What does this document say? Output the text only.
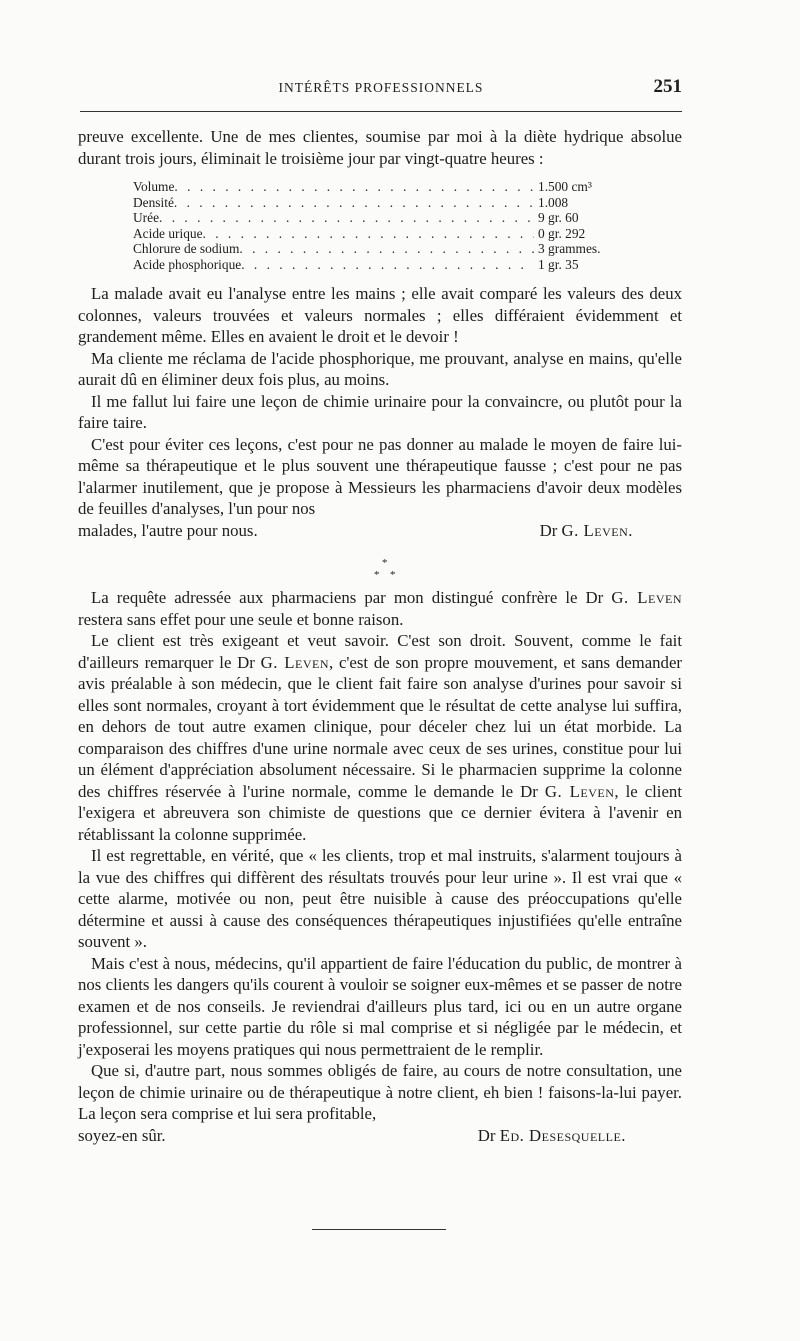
INTÉRÊTS PROFESSIONNELS	251

preuve excellente. Une de mes clientes, soumise par moi à la diète hydrique absolue durant trois jours, éliminait le troisième jour par vingt-quatre heures :

Volume . . .	1.500 cm³
Densité . . .	1.008
Urée . . .	9 gr. 60
Acide urique . . .	0 gr. 292
Chlorure de sodium . . .	3 grammes.
Acide phosphorique . . .	1 gr. 35

La malade avait eu l'analyse entre les mains ; elle avait comparé les valeurs des deux colonnes, valeurs trouvées et valeurs normales ; elles différaient évidemment et grandement même. Elles en avaient le droit et le devoir !

Ma cliente me réclama de l'acide phosphorique, me prouvant, analyse en mains, qu'elle aurait dû en éliminer deux fois plus, au moins.

Il me fallut lui faire une leçon de chimie urinaire pour la convaincre, ou plutôt pour la faire taire.

C'est pour éviter ces leçons, c'est pour ne pas donner au malade le moyen de faire lui-même sa thérapeutique et le plus souvent une thérapeutique fausse ; c'est pour ne pas l'alarmer inutilement, que je propose à Messieurs les pharmaciens d'avoir deux modèles de feuilles d'analyses, l'un pour nos

malades, l'autre pour nous.	Dr G. Leven.

*
* *

La requête adressée aux pharmaciens par mon distingué confrère le Dr G. Leven restera sans effet pour une seule et bonne raison.

Le client est très exigeant et veut savoir. C'est son droit. Souvent, comme le fait d'ailleurs remarquer le Dr G. Leven, c'est de son propre mouvement, et sans demander avis préalable à son médecin, que le client fait faire son analyse d'urines pour savoir si elles sont normales, croyant à tort évidemment que le résultat de cette analyse lui suffira, en dehors de tout autre examen clinique, pour déceler chez lui un état morbide. La comparaison des chiffres d'une urine normale avec ceux de ses urines, constitue pour lui un élément d'appréciation absolument nécessaire. Si le pharmacien supprime la colonne des chiffres réservée à l'urine normale, comme le demande le Dr G. Leven, le client l'exigera et abreuvera son chimiste de questions que ce dernier évitera à l'avenir en rétablissant la colonne supprimée.

Il est regrettable, en vérité, que « les clients, trop et mal instruits, s'alarment toujours à la vue des chiffres qui diffèrent des résultats trouvés pour leur urine ». Il est vrai que « cette alarme, motivée ou non, peut être nuisible à cause des préoccupations qu'elle détermine et aussi à cause des conséquences thérapeutiques injustifiées qu'elle entraîne souvent ».

Mais c'est à nous, médecins, qu'il appartient de faire l'éducation du public, de montrer à nos clients les dangers qu'ils courent à vouloir se soigner eux-mêmes et se passer de notre examen et de nos conseils. Je reviendrai d'ailleurs plus tard, ici ou en un autre organe professionnel, sur cette partie du rôle si mal comprise et si négligée par le médecin, et j'exposerai les moyens pratiques qui nous permettraient de le remplir.

Que si, d'autre part, nous sommes obligés de faire, au cours de notre consultation, une leçon de chimie urinaire ou de thérapeutique à notre client, eh bien ! faisons-la-lui payer. La leçon sera comprise et lui sera profitable,

soyez-en sûr.	Dr Ed. Desesquelle.
